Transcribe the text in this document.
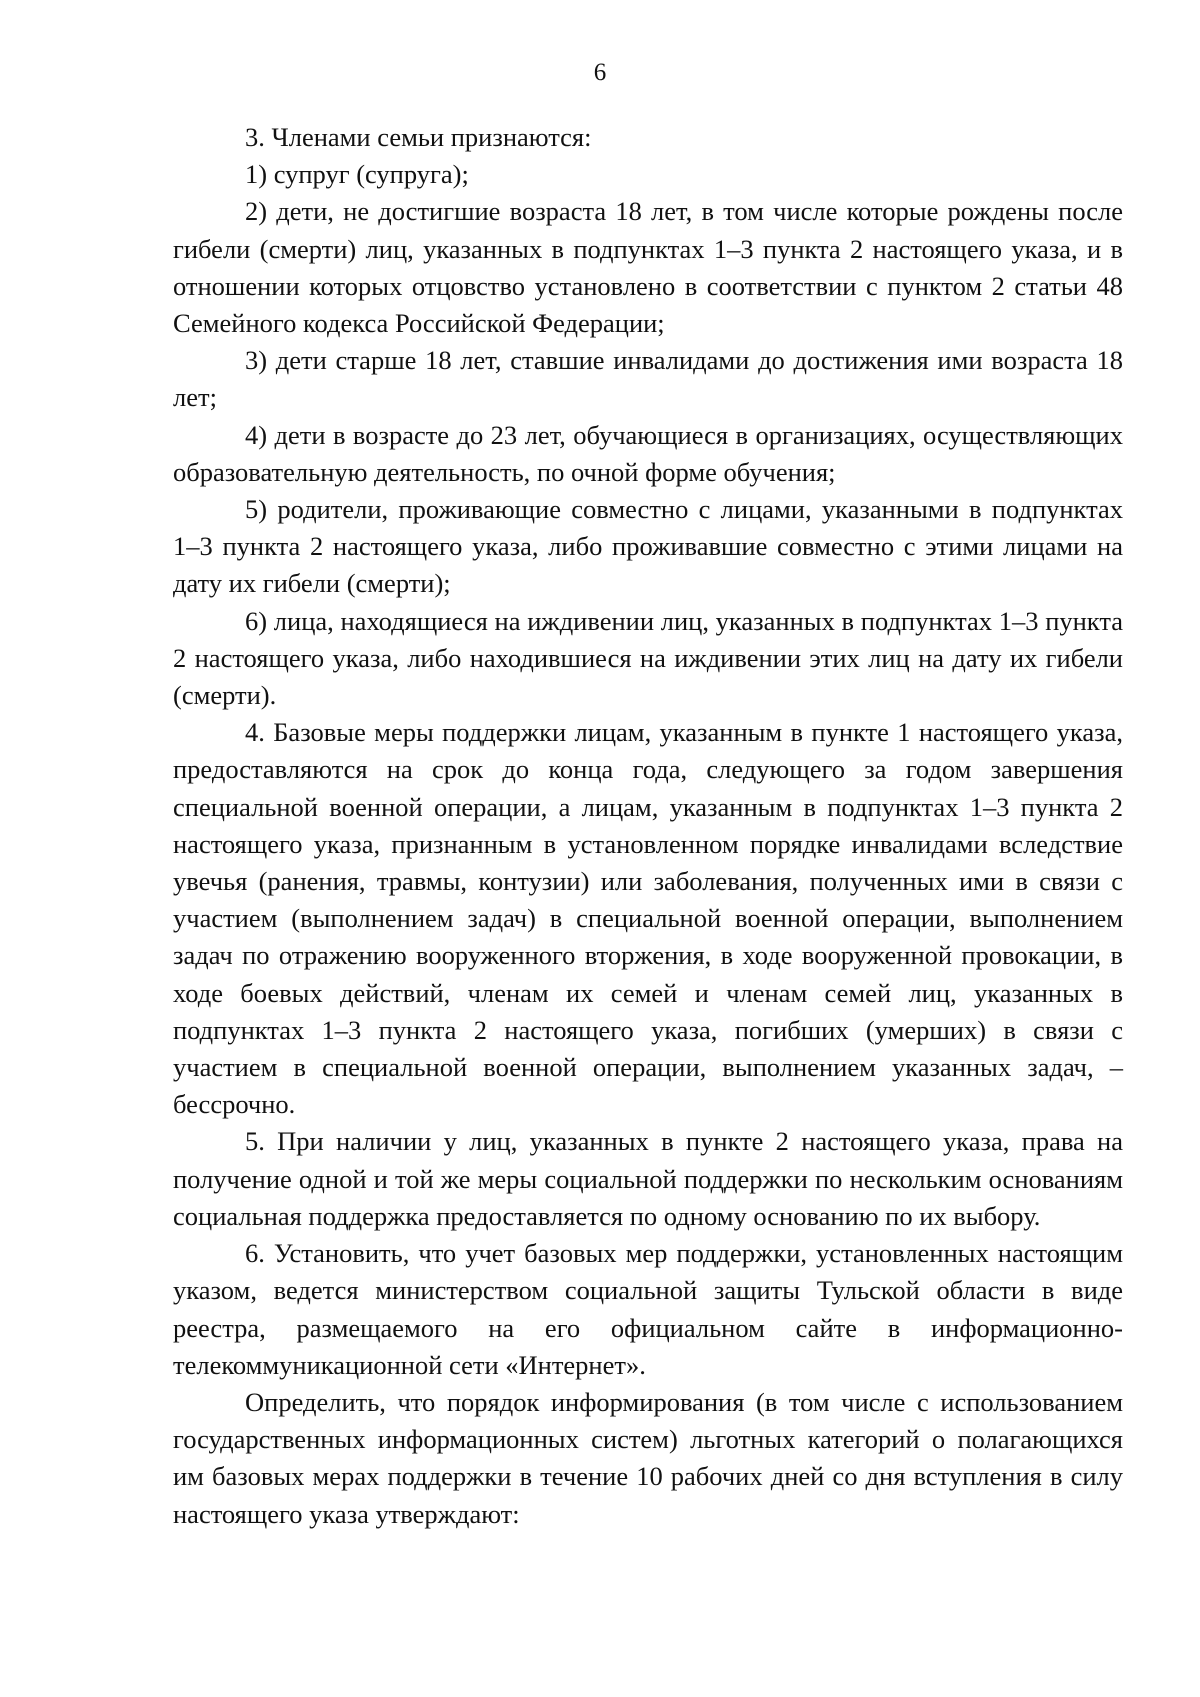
6

3. Членами семьи признаются:

1) супруг (супруга);

2) дети, не достигшие возраста 18 лет, в том числе которые рождены после гибели (смерти) лиц, указанных в подпунктах 1–3 пункта 2 настоящего указа, и в отношении которых отцовство установлено в соответствии с пунктом 2 статьи 48 Семейного кодекса Российской Федерации;

3) дети старше 18 лет, ставшие инвалидами до достижения ими возраста 18 лет;

4) дети в возрасте до 23 лет, обучающиеся в организациях, осуществляющих образовательную деятельность, по очной форме обучения;

5) родители, проживающие совместно с лицами, указанными в подпунктах 1–3 пункта 2 настоящего указа, либо проживавшие совместно с этими лицами на дату их гибели (смерти);

6) лица, находящиеся на иждивении лиц, указанных в подпунктах 1–3 пункта 2 настоящего указа, либо находившиеся на иждивении этих лиц на дату их гибели (смерти).

4. Базовые меры поддержки лицам, указанным в пункте 1 настоящего указа, предоставляются на срок до конца года, следующего за годом завершения специальной военной операции, а лицам, указанным в подпунктах 1–3 пункта 2 настоящего указа, признанным в установленном порядке инвалидами вследствие увечья (ранения, травмы, контузии) или заболевания, полученных ими в связи с участием (выполнением задач) в специальной военной операции, выполнением задач по отражению вооруженного вторжения, в ходе вооруженной провокации, в ходе боевых действий, членам их семей и членам семей лиц, указанных в подпунктах 1–3 пункта 2 настоящего указа, погибших (умерших) в связи с участием в специальной военной операции, выполнением указанных задач, – бессрочно.

5. При наличии у лиц, указанных в пункте 2 настоящего указа, права на получение одной и той же меры социальной поддержки по нескольким основаниям социальная поддержка предоставляется по одному основанию по их выбору.

6. Установить, что учет базовых мер поддержки, установленных настоящим указом, ведется министерством социальной защиты Тульской области в виде реестра, размещаемого на его официальном сайте в информационно-телекоммуникационной сети «Интернет».

Определить, что порядок информирования (в том числе с использованием государственных информационных систем) льготных категорий о полагающихся им базовых мерах поддержки в течение 10 рабочих дней со дня вступления в силу настоящего указа утверждают:
